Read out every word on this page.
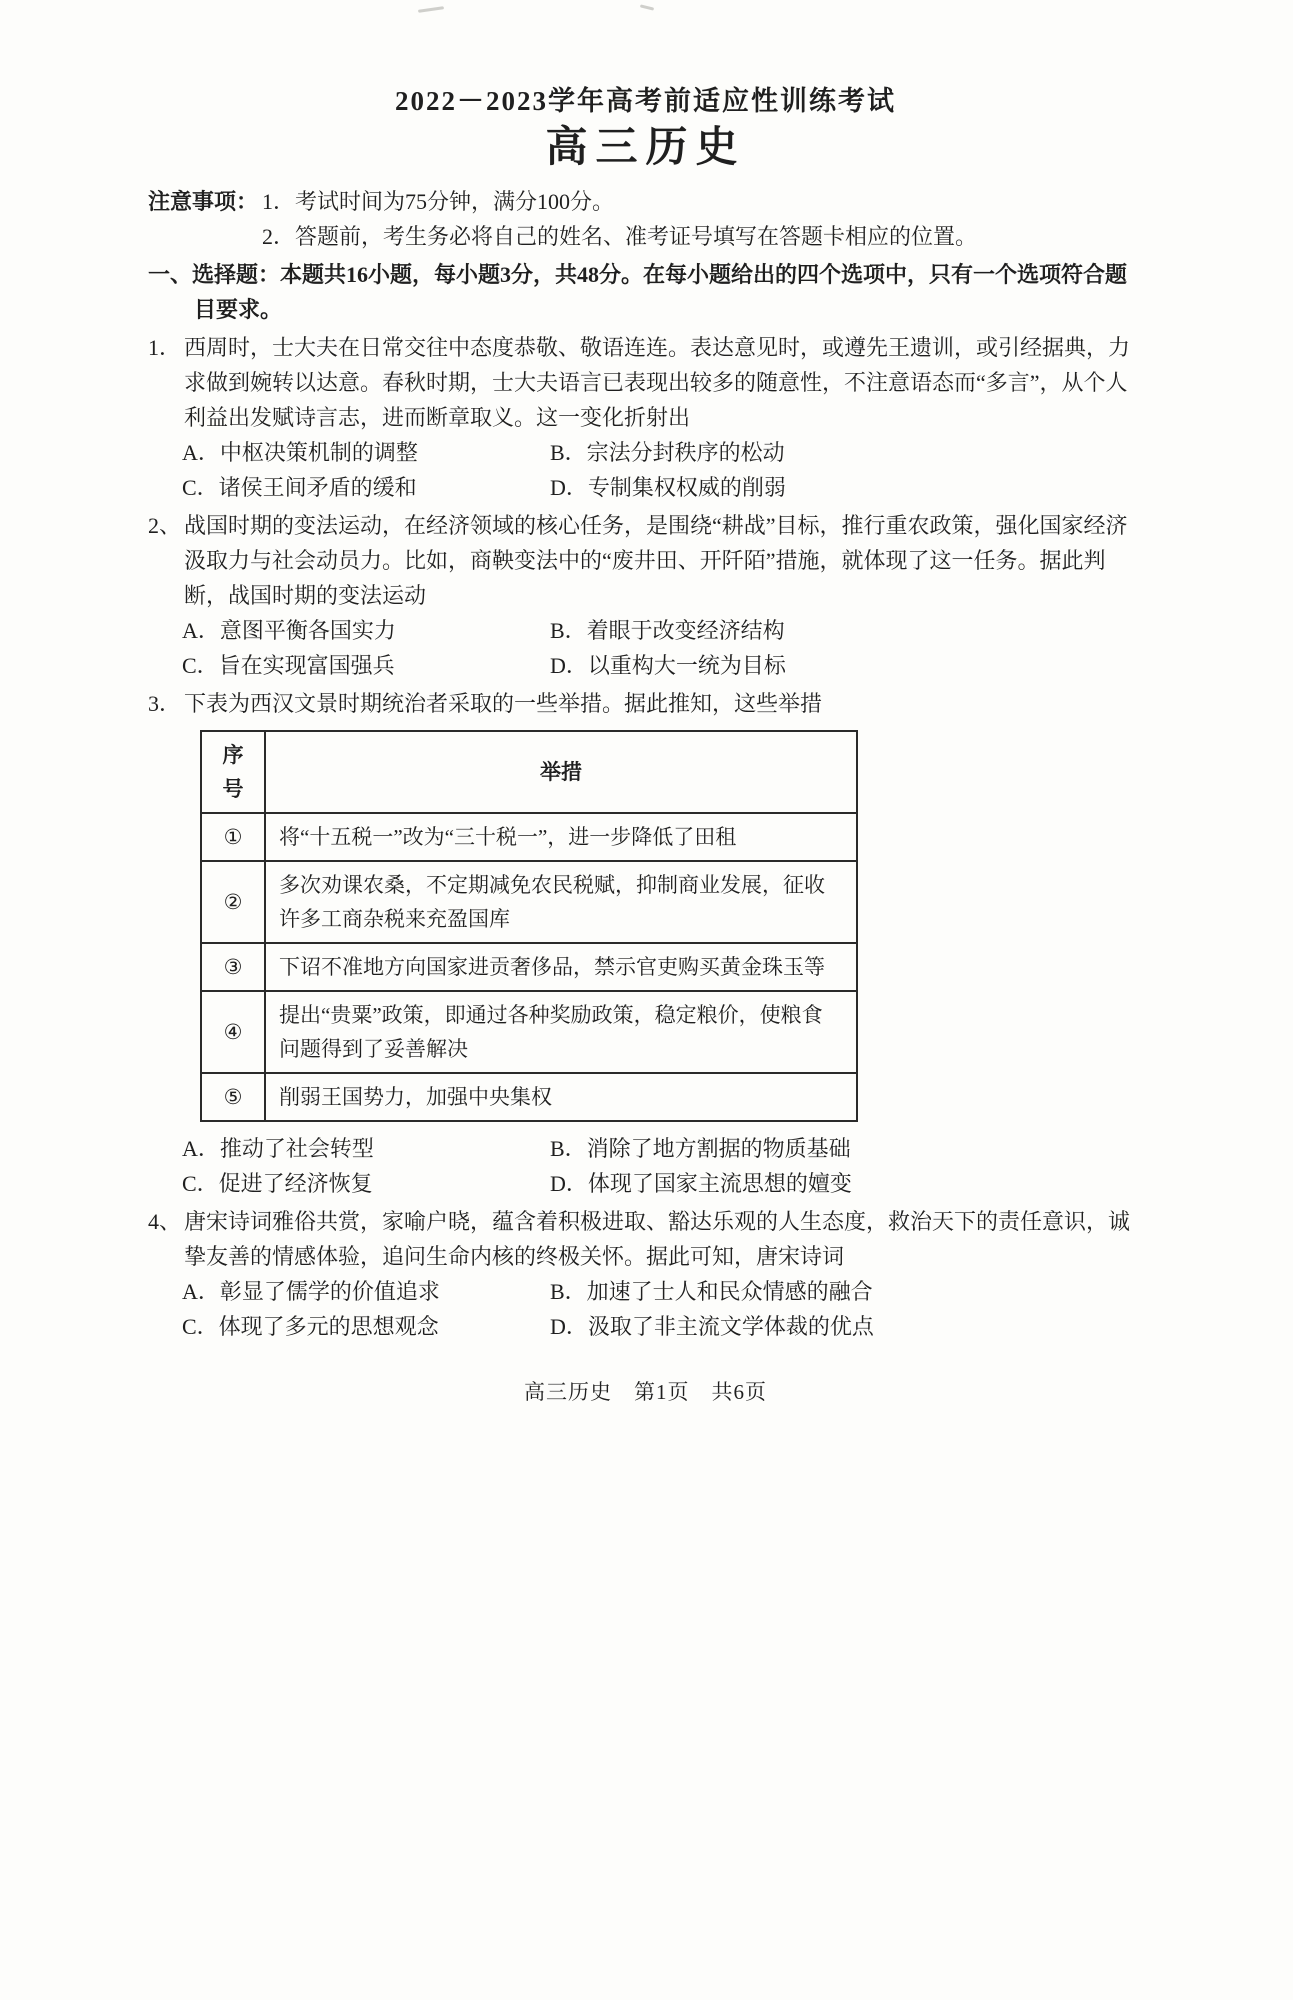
2022－2023学年高考前适应性训练考试
高三历史
注意事项： 1．考试时间为75分钟，满分100分。
2．答题前，考生务必将自己的姓名、准考证号填写在答题卡相应的位置。
一、选择题：本题共16小题，每小题3分，共48分。在每小题给出的四个选项中，只有一个选项符合题目要求。
1． 西周时，士大夫在日常交往中态度恭敬、敬语连连。表达意见时，或遵先王遗训，或引经据典，力求做到婉转以达意。春秋时期，士大夫语言已表现出较多的随意性，不注意语态而“多言”，从个人利益出发赋诗言志，进而断章取义。这一变化折射出
A．中枢决策机制的调整	B．宗法分封秩序的松动
C．诸侯王间矛盾的缓和	D．专制集权权威的削弱
2、 战国时期的变法运动，在经济领域的核心任务，是围绕“耕战”目标，推行重农政策，强化国家经济汲取力与社会动员力。比如，商鞅变法中的“废井田、开阡陌”措施，就体现了这一任务。据此判断，战国时期的变法运动
A．意图平衡各国实力	B．着眼于改变经济结构
C．旨在实现富国强兵	D．以重构大一统为目标
3． 下表为西汉文景时期统治者采取的一些举措。据此推知，这些举措
序号	举措
①	将“十五税一”改为“三十税一”，进一步降低了田租
②	多次劝课农桑，不定期减免农民税赋，抑制商业发展，征收许多工商杂税来充盈国库
③	下诏不准地方向国家进贡奢侈品，禁示官吏购买黄金珠玉等
④	提出“贵粟”政策，即通过各种奖励政策，稳定粮价，使粮食问题得到了妥善解决
⑤	削弱王国势力，加强中央集权
A．推动了社会转型	B．消除了地方割据的物质基础
C．促进了经济恢复	D．体现了国家主流思想的嬗变
4、 唐宋诗词雅俗共赏，家喻户晓，蕴含着积极进取、豁达乐观的人生态度，救治天下的责任意识，诚挚友善的情感体验，追问生命内核的终极关怀。据此可知，唐宋诗词
A．彰显了儒学的价值追求	B．加速了士人和民众情感的融合
C．体现了多元的思想观念	D．汲取了非主流文学体裁的优点
高三历史　第1页　共6页
